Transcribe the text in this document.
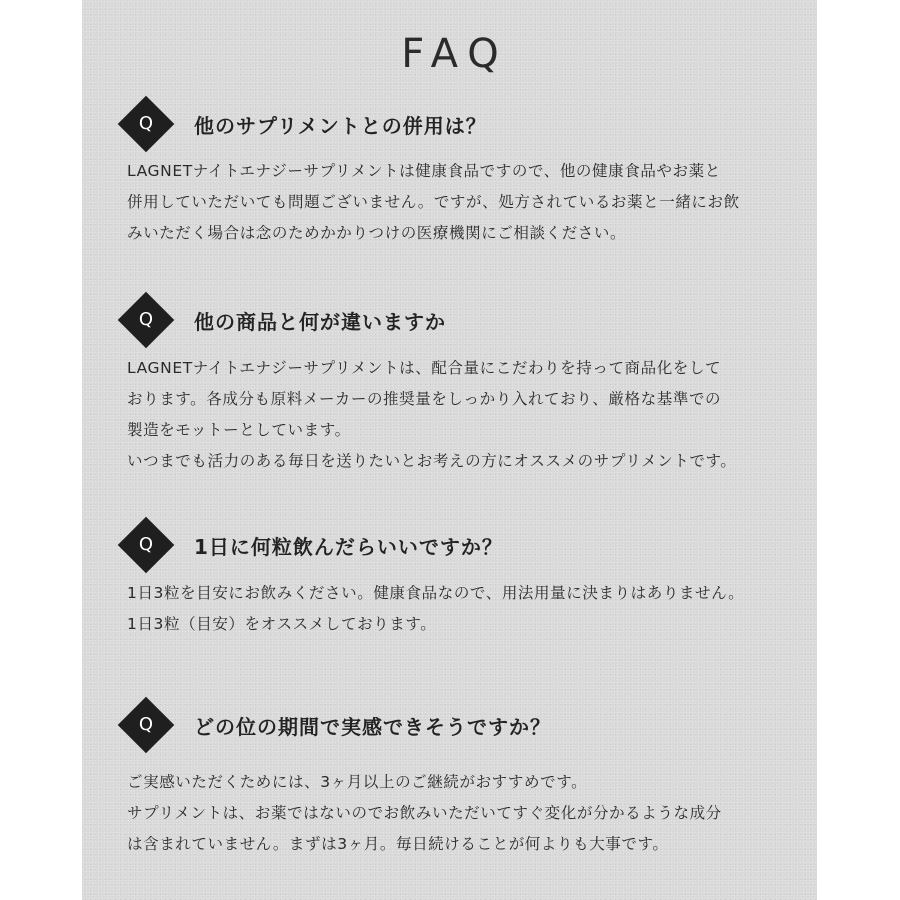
FAQ
Q	他のサプリメントとの併用は？

LAGNETナイトエナジーサプリメントは健康食品ですので、他の健康食品やお薬と

併用していただいても問題ございません。ですが、処方されているお薬と一緒にお飲

みいただく場合は念のためかかりつけの医療機関にご相談ください。

Q	他の商品と何が違いますか

LAGNETナイトエナジーサプリメントは、配合量にこだわりを持って商品化をして

おります。各成分も原料メーカーの推奨量をしっかり入れており、厳格な基準での

製造をモットーとしています。

いつまでも活力のある毎日を送りたいとお考えの方にオススメのサプリメントです。

Q	1日に何粒飲んだらいいですか？

1日3粒を目安にお飲みください。健康食品なので、用法用量に決まりはありません。

1日3粒（目安）をオススメしております。

Q	どの位の期間で実感できそうですか？

ご実感いただくためには、3ヶ月以上のご継続がおすすめです。

サプリメントは、お薬ではないのでお飲みいただいてすぐ変化が分かるような成分

は含まれていません。まずは3ヶ月。毎日続けることが何よりも大事です。
